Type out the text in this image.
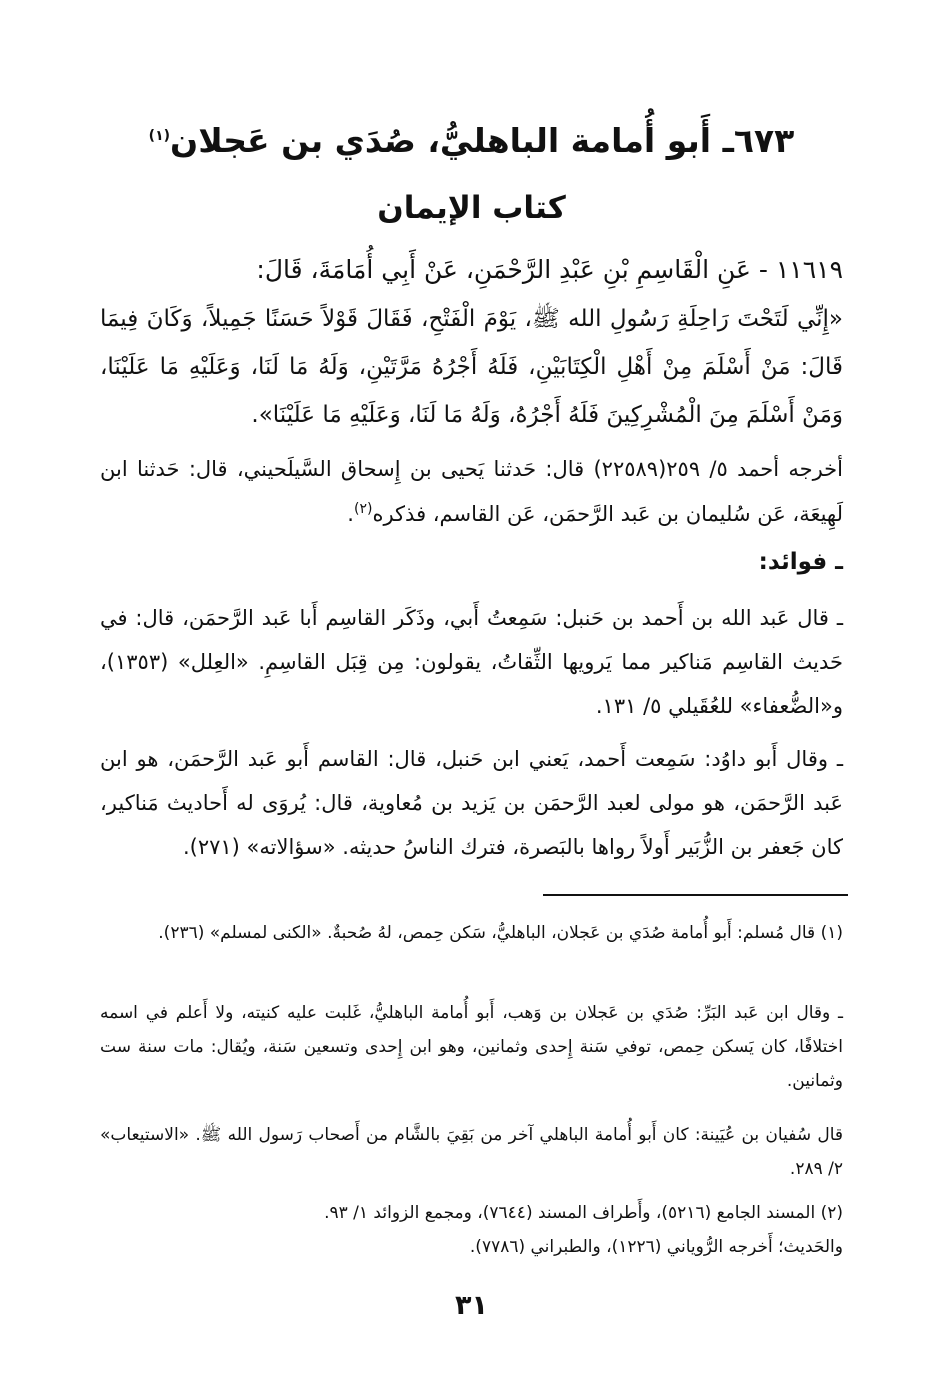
٦٧٣ـ أَبو أُمامة الباهليُّ، صُدَي بن عَجلان$^{(١)}$
كتاب الإيمان
١١٦١٩ - عَنِ الْقَاسِمِ بْنِ عَبْدِ الرَّحْمَنِ، عَنْ أَبِي أُمَامَةَ، قَالَ:
«إِنِّي لَتَحْتَ رَاحِلَةِ رَسُولِ الله ﷺ، يَوْمَ الْفَتْحِ، فَقَالَ قَوْلاً حَسَنًا جَمِيلاً، وَكَانَ فِيمَا قَالَ: مَنْ أَسْلَمَ مِنْ أَهْلِ الْكِتَابَيْنِ، فَلَهُ أَجْرُهُ مَرَّتَيْنِ، وَلَهُ مَا لَنَا، وَعَلَيْهِ مَا عَلَيْنَا، وَمَنْ أَسْلَمَ مِنَ الْمُشْرِكِينَ فَلَهُ أَجْرُهُ، وَلَهُ مَا لَنَا، وَعَلَيْهِ مَا عَلَيْنَا».
أخرجه أحمد ٥/ ٢٥٩(٢٢٥٨٩) قال: حَدثنا يَحيى بن إِسحاق السَّيلَحيني، قال: حَدثنا ابن لَهِيعَة، عَن سُليمان بن عَبد الرَّحمَن، عَن القاسم، فذكره$^{(٢)}$.
ـ فوائد:
ـ قال عَبد الله بن أَحمد بن حَنبل: سَمِعتُ أَبي، وذَكَر القاسِم أَبا عَبد الرَّحمَن، قال: في حَديث القاسِم مَناكير مما يَرويها الثِّقاتُ، يقولون: مِن قِبَل القاسِمِ. «العِلل» (١٣٥٣)، و«الضُّعفاء» للعُقَيلي ٥/ ١٣١.
ـ وقال أَبو داوُد: سَمِعت أَحمد، يَعني ابن حَنبل، قال: القاسم أَبو عَبد الرَّحمَن، هو ابن عَبد الرَّحمَن، هو مولى لعبد الرَّحمَن بن يَزيد بن مُعاوية، قال: يُروَى له أَحاديث مَناكير، كان جَعفر بن الزُّبَير أَولاً رواها بالبَصرة، فترك الناسُ حديثه. «سؤالاته» (٢٧١).
(١) قال مُسلم: أَبو أُمامة صُدَي بن عَجلان، الباهليُّ، سَكن حِمص، لهُ صُحبةٌ. «الكنى لمسلم» (٢٣٦).
ـ وقال ابن عَبد البَرِّ: صُدَي بن عَجلان بن وَهب، أَبو أُمامة الباهليُّ، غَلبت عليه كنيته، ولا أَعلم في اسمه اختلافًا، كان يَسكن حِمص، توفي سَنة إِحدى وثمانين، وهو ابن إِحدى وتسعين سَنة، ويُقال: مات سنة ست وثمانين.
قال سُفيان بن عُيَينة: كان أَبو أُمامة الباهلي آخر من بَقِيَ بالشَّام من أَصحاب رَسول الله ﷺ. «الاستيعاب» ٢/ ٢٨٩.
(٢) المسند الجامع (٥٢١٦)، وأَطراف المسند (٧٦٤٤)، ومجمع الزوائد ١/ ٩٣.
والحَديث؛ أَخرجه الرُّوياني (١٢٢٦)، والطبراني (٧٧٨٦).
٣١
